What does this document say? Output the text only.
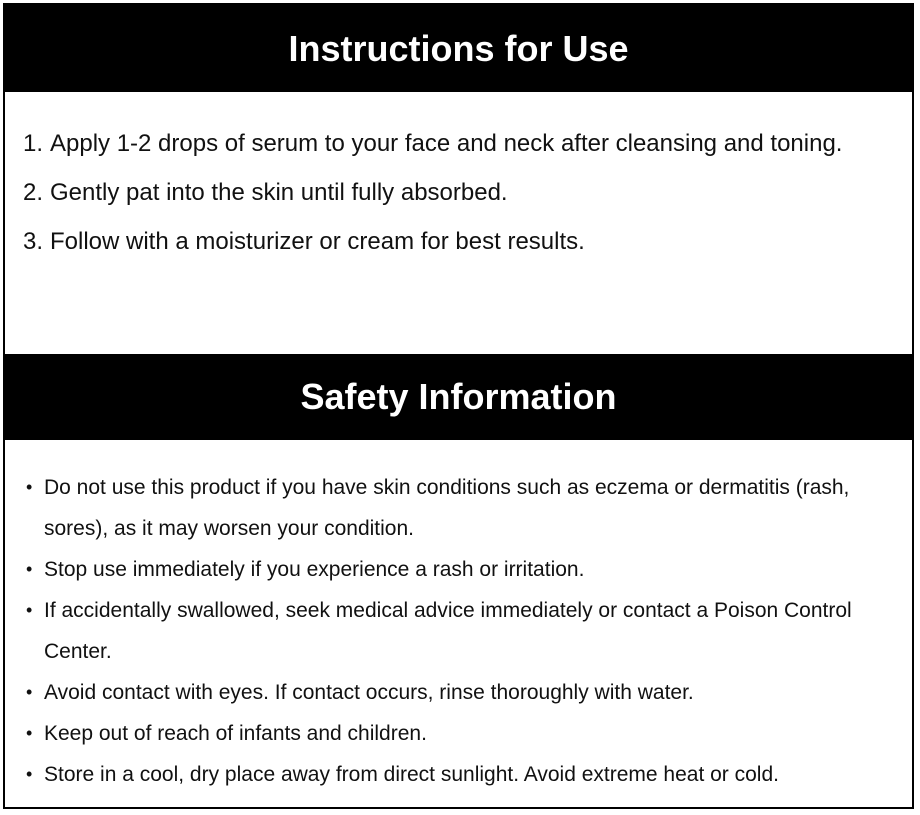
Instructions for Use
1. Apply 1-2 drops of serum to your face and neck after cleansing and toning.
2. Gently pat into the skin until fully absorbed.
3. Follow with a moisturizer or cream for best results.
Safety Information
• Do not use this product if you have skin conditions such as eczema or dermatitis (rash, sores), as it may worsen your condition.
• Stop use immediately if you experience a rash or irritation.
• If accidentally swallowed, seek medical advice immediately or contact a Poison Control Center.
• Avoid contact with eyes. If contact occurs, rinse thoroughly with water.
• Keep out of reach of infants and children.
• Store in a cool, dry place away from direct sunlight. Avoid extreme heat or cold.
